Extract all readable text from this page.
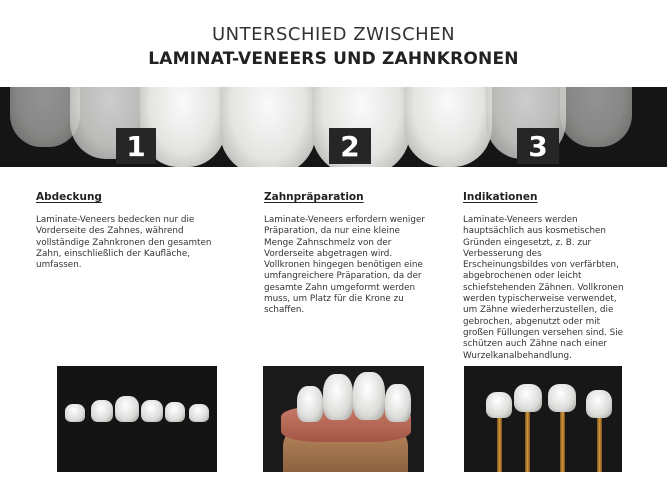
UNTERSCHIED ZWISCHEN
LAMINAT-VENEERS UND ZAHNKRONEN
1	2	3
Abdeckung
Laminate-Veneers bedecken nur die
Vorderseite des Zahnes, während
vollständige Zahnkronen den gesamten
Zahn, einschließlich der Kaufläche,
umfassen.
Zahnpräparation
Laminate-Veneers erfordern weniger
Präparation, da nur eine kleine
Menge Zahnschmelz von der
Vorderseite abgetragen wird.
Vollkronen hingegen benötigen eine
umfangreichere Präparation, da der
gesamte Zahn umgeformt werden
muss, um Platz für die Krone zu
schaffen.
Indikationen
Laminate-Veneers werden
hauptsächlich aus kosmetischen
Gründen eingesetzt, z. B. zur
Verbesserung des
Erscheinungsbildes von verfärbten,
abgebrochenen oder leicht
schiefstehenden Zähnen. Vollkronen
werden typischerweise verwendet,
um Zähne wiederherzustellen, die
gebrochen, abgenutzt oder mit
großen Füllungen versehen sind. Sie
schützen auch Zähne nach einer
Wurzelkanalbehandlung.
